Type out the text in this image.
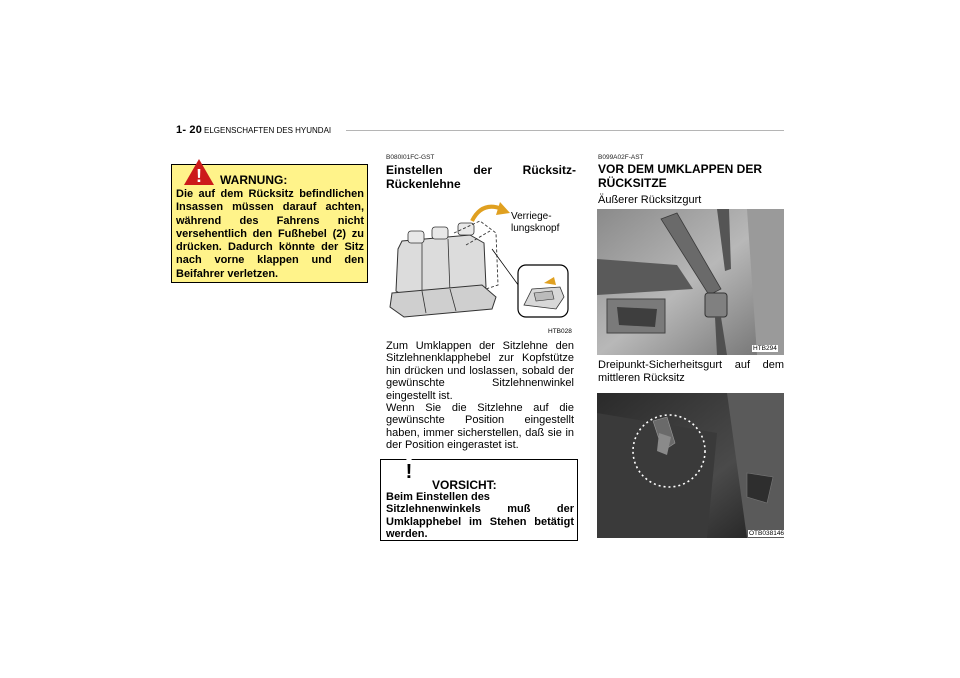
1- 20 ELGENSCHAFTEN DES HYUNDAI
! WARNUNG:
Die auf dem Rücksitz befindlichen
Insassen müssen darauf achten,
während des Fahrens nicht
versehentlich den Fußhebel (2) zu
drücken. Dadurch könnte der Sitz
nach vorne klappen und den
Beifahrer verletzen.
B080I01FC-GST
Einstellen der Rücksitz-
Rückenlehne
Verriege-
lungsknopf
HTB028

Zum Umklappen der Sitzlehne den Sitzlehnenklapphebel zur Kopfstütze hin drücken und loslassen, sobald der gewünschte Sitzlehnenwinkel eingestellt ist.

Wenn Sie die Sitzlehne auf die gewünschte Position eingestellt haben, immer sicherstellen, daß sie in der Position eingerastet ist.

!
VORSICHT:
Beim Einstellen des
Sitzlehnenwinkels muß der
Umklapphebel im Stehen betätigt
werden.
B099A02F-AST
VOR DEM UMKLAPPEN DER
RÜCKSITZE
Äußerer Rücksitzgurt
HTB294
Dreipunkt-Sicherheitsgurt auf dem
mittleren Rücksitz
OTB038146
